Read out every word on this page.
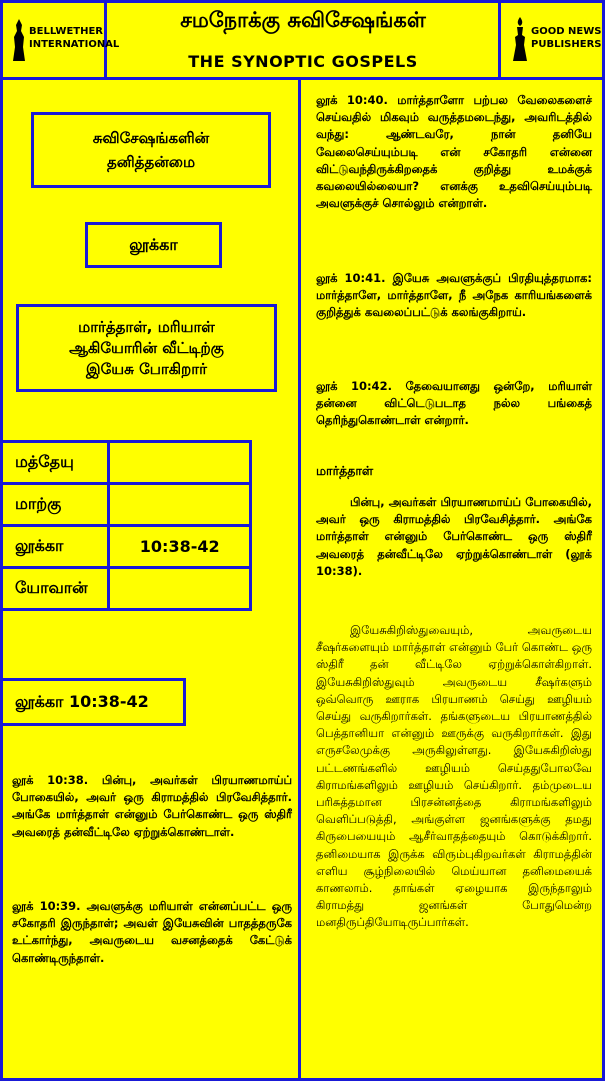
BELLWETHER
INTERNATIONAL
சமநோக்கு சுவிசேஷங்கள்
THE SYNOPTIC GOSPELS
GOOD NEWS
PUBLISHERS
சுவிசேஷங்களின்
தனித்தன்மை
லூக்கா
மார்த்தாள், மரியாள்
ஆகியோரின் வீட்டிற்கு
இயேசு போகிறார்
மத்தேயு	
மாற்கு	
லூக்கா	10:38-42
யோவான்	
லூக்கா 10:38-42
லூக் 10:38. பின்பு, அவர்கள் பிரயாணமாய்ப் போகையில், அவர் ஒரு கிராமத்தில் பிரவேசித்தார். அங்கே மார்த்தாள் என்னும் பேர்கொண்ட ஒரு ஸ்திரீ அவரைத் தன்வீட்டிலே ஏற்றுக்கொண்டாள்.
லூக் 10:39. அவளுக்கு மரியாள் என்னப்பட்ட ஒரு சகோதரி இருந்தாள்; அவள் இயேசுவின் பாதத்தருகே உட்கார்ந்து, அவருடைய வசனத்தைக் கேட்டுக் கொண்டிருந்தாள்.
லூக் 10:40. மார்த்தாளோ பற்பல வேலைகளைச் செய்வதில் மிகவும் வருத்தமடைந்து, அவரிடத்தில் வந்து: ஆண்டவரே, நான் தனியே வேலைசெய்யும்படி என் சகோதரி என்னை விட்டுவந்திருக்கிறதைக் குறித்து உமக்குக் கவலையில்லையா? எனக்கு உதவிசெய்யும்படி அவளுக்குச் சொல்லும் என்றாள்.
லூக் 10:41. இயேசு அவளுக்குப் பிரதியுத்தரமாக: மார்த்தாளே, மார்த்தாளே, நீ அநேக காரியங்களைக் குறித்துக் கவலைப்பட்டுக் கலங்குகிறாய்.
லூக் 10:42. தேவையானது ஒன்றே, மரியாள் தன்னை விட்டெடுபடாத நல்ல பங்கைத் தெரிந்துகொண்டாள் என்றார்.
மார்த்தாள்
பின்பு, அவர்கள் பிரயாணமாய்ப் போகையில், அவர் ஒரு கிராமத்தில் பிரவேசித்தார். அங்கே மார்த்தாள் என்னும் பேர்கொண்ட ஒரு ஸ்திரீ அவரைத் தன்வீட்டிலே ஏற்றுக்கொண்டாள் (லூக் 10:38).
இயேசுகிறிஸ்துவையும், அவருடைய சீஷர்களையும் மார்த்தாள் என்னும் பேர் கொண்ட ஒரு ஸ்திரீ தன் வீட்டிலே ஏற்றுக்கொள்கிறாள். இயேசுகிறிஸ்துவும் அவருடைய சீஷர்களும் ஒவ்வொரு ஊராக பிரயாணம் செய்து ஊழியம் செய்து வருகிறார்கள். தங்களுடைய பிரயாணத்தில் பெத்தானியா என்னும் ஊருக்கு வருகிறார்கள். இது எருசலேமுக்கு அருகிலுள்ளது. இயேசுகிறிஸ்து பட்டணங்களில் ஊழியம் செய்ததுபோலவே கிராமங்களிலும் ஊழியம் செய்கிறார். தம்முடைய பரிசுத்தமான பிரசன்னத்தை கிராமங்களிலும் வெளிப்படுத்தி, அங்குள்ள ஜனங்களுக்கு தமது கிருபையையும் ஆசீர்வாதத்தையும் கொடுக்கிறார். தனிமையாக இருக்க விரும்புகிறவர்கள் கிராமத்தின் எளிய சூழ்நிலையில் மெய்யான தனிமையைக் காணலாம். தாங்கள் ஏழையாக இருந்தாலும் கிராமத்து ஜனங்கள் போதுமென்ற மனதிருப்தியோடிருப்பார்கள்.
